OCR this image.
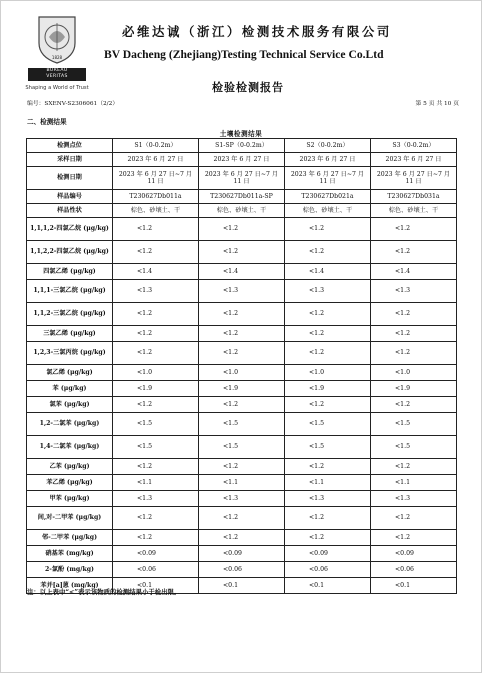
1828
BUREAU
VERITAS
Shaping a World of Trust
必维达诚（浙江）检测技术服务有限公司
BV Dacheng (Zhejiang)Testing Technical Service Co.Ltd
检验检测报告
编号：SXENV-S2306061（2/2）	第 5 页 共 10 页
二、检测结果
土壤检测结果
检测点位	S1（0-0.2m）	S1-SP（0-0.2m）	S2（0-0.2m）	S3（0-0.2m）
采样日期	2023 年 6 月 27 日	2023 年 6 月 27 日	2023 年 6 月 27 日	2023 年 6 月 27 日
检测日期	2023 年 6 月 27 日~7 月 11 日	2023 年 6 月 27 日~7 月 11 日	2023 年 6 月 27 日~7 月 11 日	2023 年 6 月 27 日~7 月 11 日
样品编号	T230627Db011a	T230627Db011a-SP	T230627Db021a	T230627Db031a
样品性状	棕色、砂壤土、干	棕色、砂壤土、干	棕色、砂壤土、干	棕色、砂壤土、干
1,1,1,2-四氯乙烷 (μg/kg)	<1.2	<1.2	<1.2	<1.2
1,1,2,2-四氯乙烷 (μg/kg)	<1.2	<1.2	<1.2	<1.2
四氯乙烯 (μg/kg)	<1.4	<1.4	<1.4	<1.4
1,1,1-三氯乙烷 (μg/kg)	<1.3	<1.3	<1.3	<1.3
1,1,2-三氯乙烷 (μg/kg)	<1.2	<1.2	<1.2	<1.2
三氯乙烯 (μg/kg)	<1.2	<1.2	<1.2	<1.2
1,2,3-三氯丙烷 (μg/kg)	<1.2	<1.2	<1.2	<1.2
氯乙烯 (μg/kg)	<1.0	<1.0	<1.0	<1.0
苯 (μg/kg)	<1.9	<1.9	<1.9	<1.9
氯苯 (μg/kg)	<1.2	<1.2	<1.2	<1.2
1,2-二氯苯 (μg/kg)	<1.5	<1.5	<1.5	<1.5
1,4-二氯苯 (μg/kg)	<1.5	<1.5	<1.5	<1.5
乙苯 (μg/kg)	<1.2	<1.2	<1.2	<1.2
苯乙烯 (μg/kg)	<1.1	<1.1	<1.1	<1.1
甲苯 (μg/kg)	<1.3	<1.3	<1.3	<1.3
间,对-二甲苯 (μg/kg)	<1.2	<1.2	<1.2	<1.2
邻-二甲苯 (μg/kg)	<1.2	<1.2	<1.2	<1.2
硝基苯 (mg/kg)	<0.09	<0.09	<0.09	<0.09
2-氯酚 (mg/kg)	<0.06	<0.06	<0.06	<0.06
苯并[a]蒽 (mg/kg)	<0.1	<0.1	<0.1	<0.1
注：以上表中“<”表示该物质的检测结果小于检出限。
